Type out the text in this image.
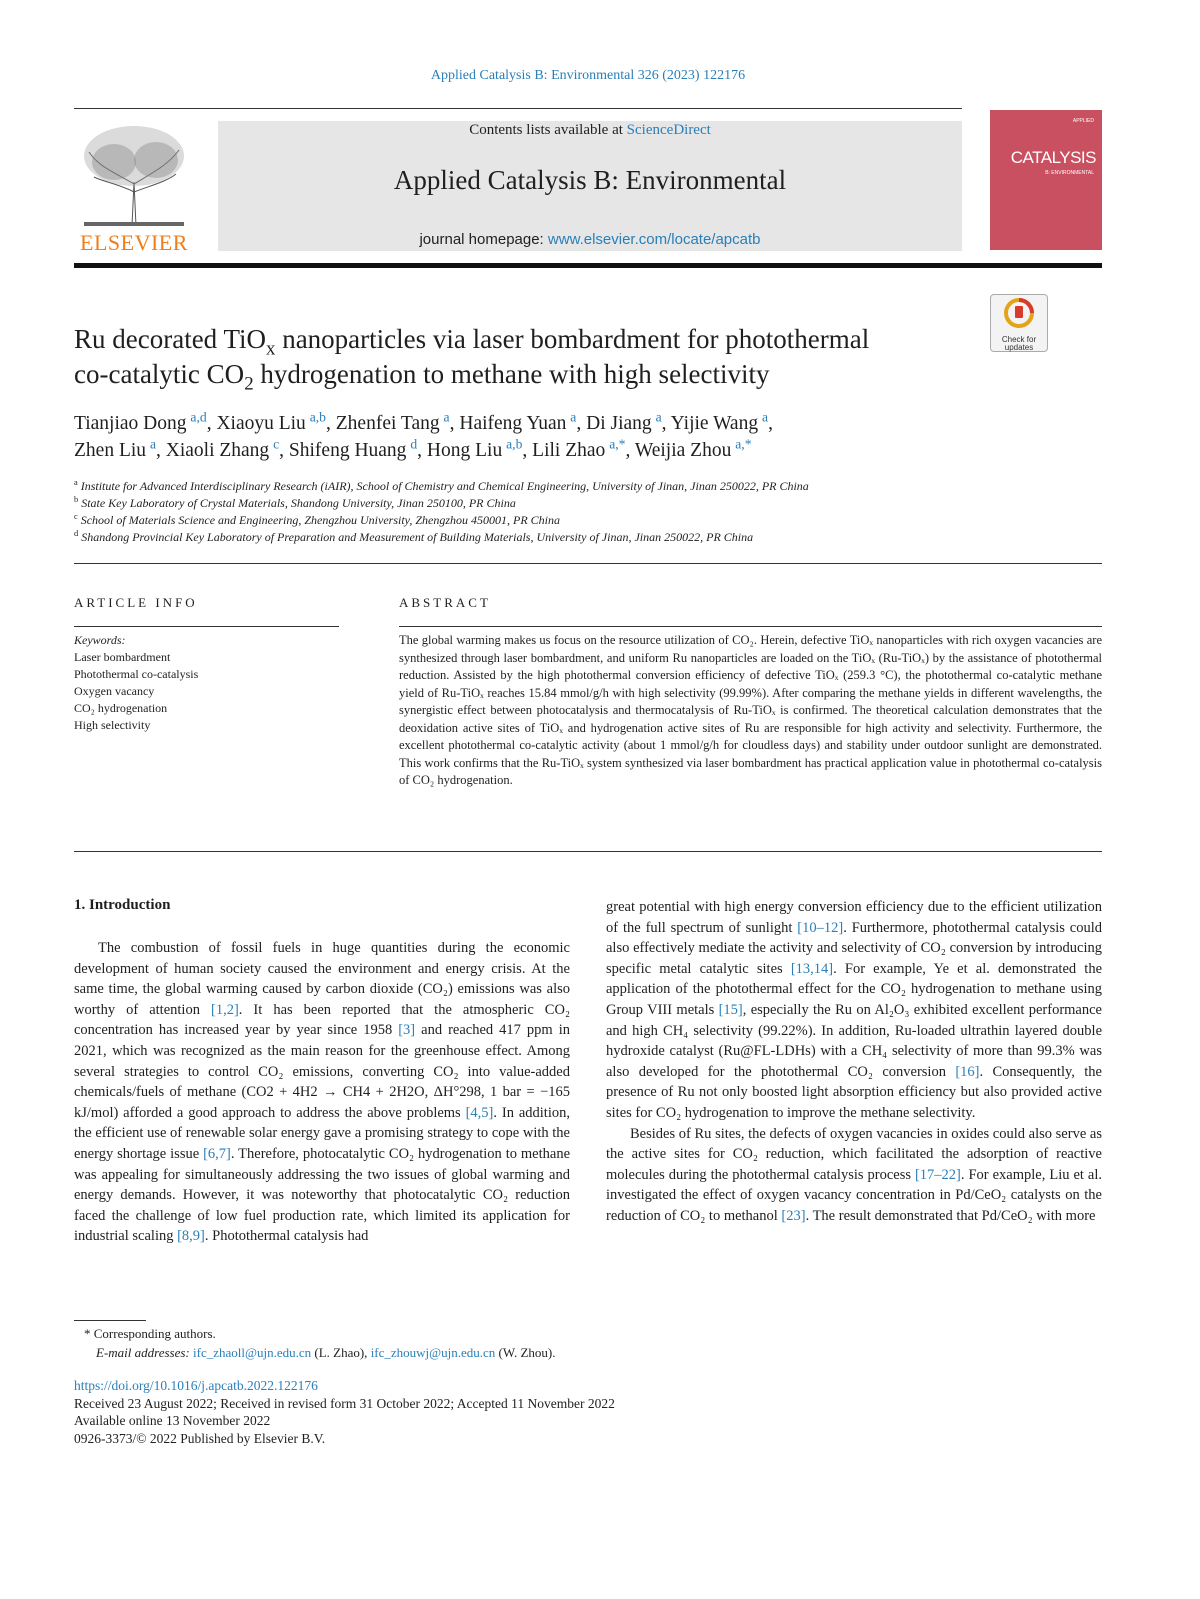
Applied Catalysis B: Environmental 326 (2023) 122176
ELSEVIER
Contents lists available at ScienceDirect
Applied Catalysis B: Environmental
journal homepage: www.elsevier.com/locate/apcatb
APPLIED
CATALYSIS
B: ENVIRONMENTAL
Ru decorated TiO$_x$ nanoparticles via laser bombardment for photothermal
co-catalytic $CO_2$ hydrogenation to methane with high selectivity
Check for updates
Tianjiao Dong  $^{a,d}$, Xiaoyu Liu  $^{a,b}$, Zhenfei Tang  $^a$, Haifeng Yuan  $^a$, Di Jiang  $^a$, Yijie Wang  $^a$,
Zhen Liu  $^a$, Xiaoli Zhang  $^c$, Shifeng Huang  $^d$, Hong Liu  $^{a,b}$, Lili Zhao  $^{a,*}$, Weijia Zhou  $^{a,*}$
$^a$ Institute for Advanced Interdisciplinary Research (iAIR), School of Chemistry and Chemical Engineering, University of Jinan, Jinan 250022, PR China
$^b$ State Key Laboratory of Crystal Materials, Shandong University, Jinan 250100, PR China
$^c$ School of Materials Science and Engineering, Zhengzhou University, Zhengzhou 450001, PR China
$^d$ Shandong Provincial Key Laboratory of Preparation and Measurement of Building Materials, University of Jinan, Jinan 250022, PR China
ARTICLE INFO	ABSTRACT
Keywords:
Laser bombardment
Photothermal co-catalysis
Oxygen vacancy
CO₂ hydrogenation
High selectivity
The global warming makes us focus on the resource utilization of CO₂. Herein, defective TiOₓ nanoparticles with rich oxygen vacancies are synthesized through laser bombardment, and uniform Ru nanoparticles are loaded on the TiOₓ (Ru-TiOₓ) by the assistance of photothermal reduction. Assisted by the high photothermal conversion efficiency of defective TiOₓ (259.3 °C), the photothermal co-catalytic methane yield of Ru-TiOₓ reaches 15.84 mmol/g/h with high selectivity (99.99%). After comparing the methane yields in different wavelengths, the synergistic effect between photocatalysis and thermocatalysis of Ru-TiOₓ is confirmed. The theoretical calculation demonstrates that the deoxidation active sites of TiOₓ and hydrogenation active sites of Ru are responsible for high activity and selectivity. Furthermore, the excellent photothermal co-catalytic activity (about 1 mmol/g/h for cloudless days) and stability under outdoor sunlight are demonstrated. This work confirms that the Ru-TiOₓ system synthesized via laser bombardment has practical application value in photothermal co-catalysis of CO₂ hydrogenation.
1. Introduction

The combustion of fossil fuels in huge quantities during the economic development of human society caused the environment and energy crisis. At the same time, the global warming caused by carbon dioxide (CO₂) emissions was also worthy of attention [1,2]. It has been reported that the atmospheric CO₂ concentration has increased year by year since 1958 [3] and reached 417 ppm in 2021, which was recognized as the main reason for the greenhouse effect. Among several strategies to control CO₂ emissions, converting CO₂ into value-added chemicals/fuels of methane (CO2 + 4H2 → CH4 + 2H2O, ΔH°298, 1 bar = −165 kJ/mol) afforded a good approach to address the above problems [4,5]. In addition, the efficient use of renewable solar energy gave a promising strategy to cope with the energy shortage issue [6,7]. Therefore, photocatalytic CO₂ hydrogenation to methane was appealing for simultaneously addressing the two issues of global warming and energy demands. However, it was noteworthy that photocatalytic CO₂ reduction faced the challenge of low fuel production rate, which limited its application for industrial scaling [8,9]. Photothermal catalysis had

great potential with high energy conversion efficiency due to the efficient utilization of the full spectrum of sunlight [10–12]. Furthermore, photothermal catalysis could also effectively mediate the activity and selectivity of CO₂ conversion by introducing specific metal catalytic sites [13,14]. For example, Ye et al. demonstrated the application of the photothermal effect for the CO₂ hydrogenation to methane using Group VIII metals [15], especially the Ru on Al₂O₃ exhibited excellent performance and high CH₄ selectivity (99.22%). In addition, Ru-loaded ultrathin layered double hydroxide catalyst (Ru@FL-LDHs) with a CH₄ selectivity of more than 99.3% was also developed for the photothermal CO₂ conversion [16]. Consequently, the presence of Ru not only boosted light absorption efficiency but also provided active sites for CO₂ hydrogenation to improve the methane selectivity.

Besides of Ru sites, the defects of oxygen vacancies in oxides could also serve as the active sites for CO₂ reduction, which facilitated the adsorption of reactive molecules during the photothermal catalysis process [17–22]. For example, Liu et al. investigated the effect of oxygen vacancy concentration in Pd/CeO₂ catalysts on the reduction of CO₂ to methanol [23]. The result demonstrated that Pd/CeO₂ with more

* Corresponding authors.
E-mail addresses: ifc_zhaoll@ujn.edu.cn (L. Zhao), ifc_zhouwj@ujn.edu.cn (W. Zhou).
https://doi.org/10.1016/j.apcatb.2022.122176
Received 23 August 2022; Received in revised form 31 October 2022; Accepted 11 November 2022
Available online 13 November 2022
0926-3373/© 2022 Published by Elsevier B.V.
